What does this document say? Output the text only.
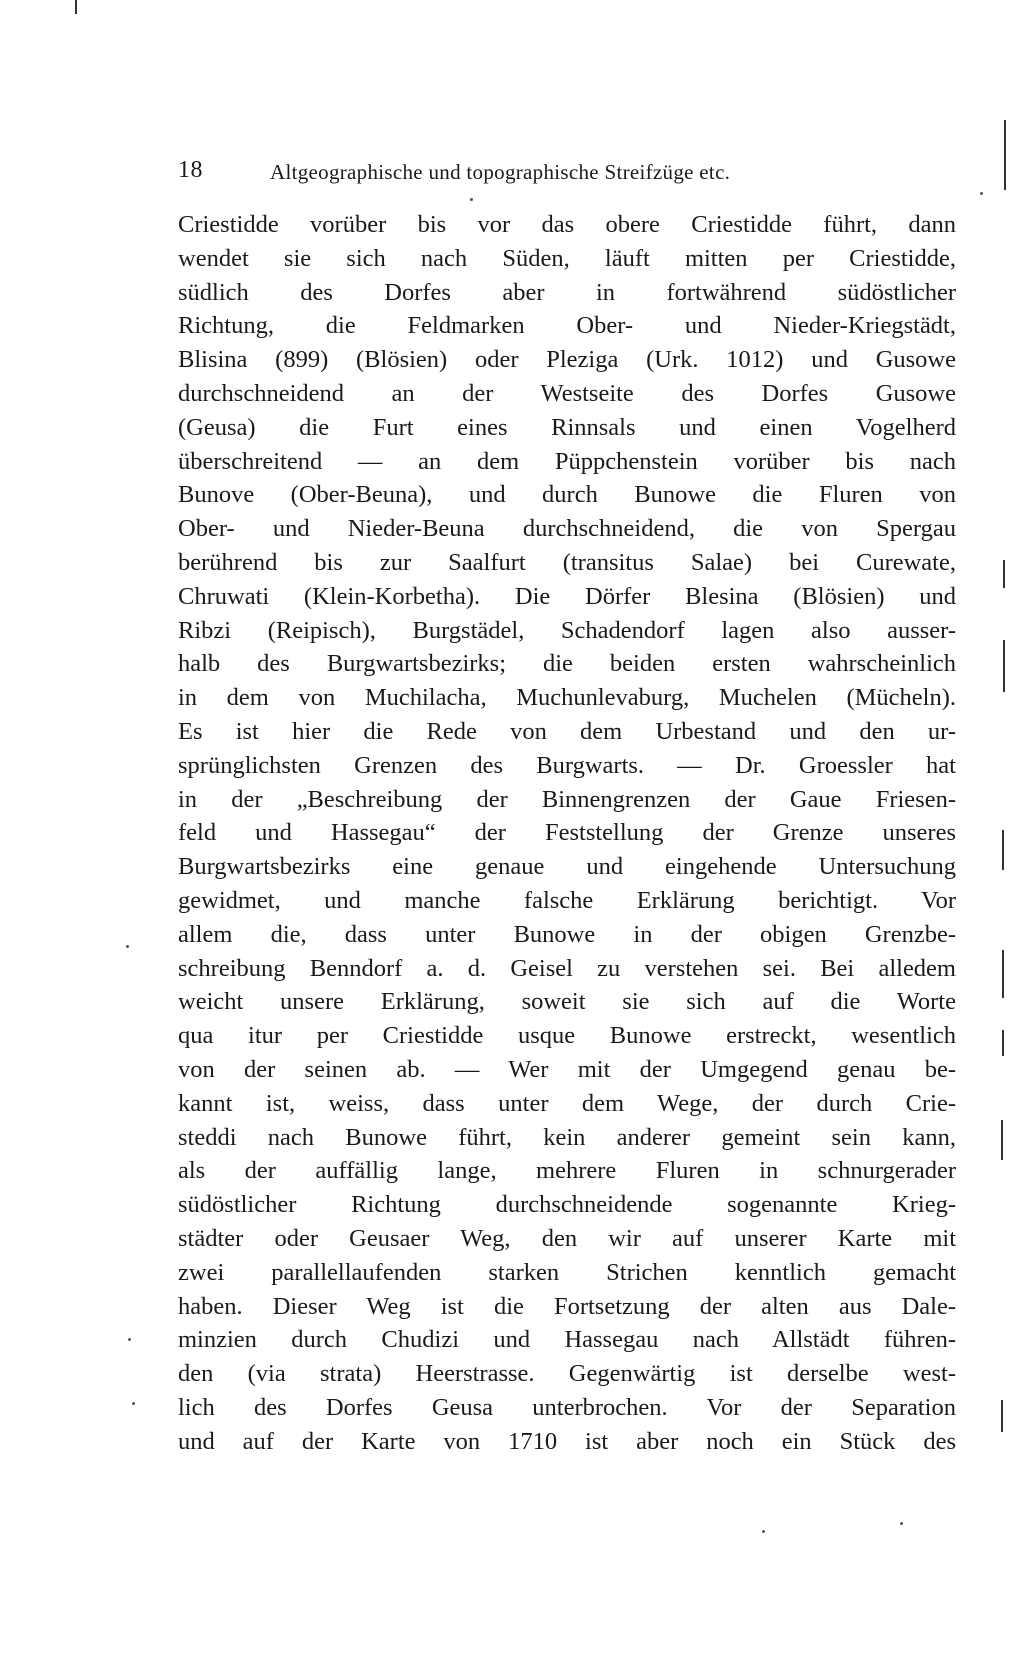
18	Altgeographische und topographische Streifzüge etc.
Criestidde vorüber bis vor das obere Criestidde führt, dann
wendet sie sich nach Süden, läuft mitten per Criestidde,
südlich des Dorfes aber in fortwährend südöstlicher
Richtung, die Feldmarken Ober- und Nieder-Kriegstädt,
Blisina (899) (Blösien) oder Pleziga (Urk. 1012) und Gusowe
durchschneidend an der Westseite des Dorfes Gusowe
(Geusa) die Furt eines Rinnsals und einen Vogelherd
überschreitend — an dem Püppchenstein vorüber bis nach
Bunove (Ober-Beuna), und durch Bunowe die Fluren von
Ober- und Nieder-Beuna durchschneidend, die von Spergau
berührend bis zur Saalfurt (transitus Salae) bei Curewate,
Chruwati (Klein-Korbetha). Die Dörfer Blesina (Blösien) und
Ribzi (Reipisch), Burgstädel, Schadendorf lagen also ausser-
halb des Burgwartsbezirks; die beiden ersten wahrscheinlich
in dem von Muchilacha, Muchunlevaburg, Muchelen (Mücheln).
Es ist hier die Rede von dem Urbestand und den ur-
sprünglichsten Grenzen des Burgwarts. — Dr. Groessler hat
in der „Beschreibung der Binnengrenzen der Gaue Friesen-
feld und Hassegau“ der Feststellung der Grenze unseres
Burgwartsbezirks eine genaue und eingehende Untersuchung
gewidmet, und manche falsche Erklärung berichtigt. Vor
allem die, dass unter Bunowe in der obigen Grenzbe-
schreibung Benndorf a. d. Geisel zu verstehen sei. Bei alledem
weicht unsere Erklärung, soweit sie sich auf die Worte
qua itur per Criestidde usque Bunowe erstreckt, wesentlich
von der seinen ab. — Wer mit der Umgegend genau be-
kannt ist, weiss, dass unter dem Wege, der durch Crie-
steddi nach Bunowe führt, kein anderer gemeint sein kann,
als der auffällig lange, mehrere Fluren in schnurgerader
südöstlicher Richtung durchschneidende sogenannte Krieg-
städter oder Geusaer Weg, den wir auf unserer Karte mit
zwei parallellaufenden starken Strichen kenntlich gemacht
haben. Dieser Weg ist die Fortsetzung der alten aus Dale-
minzien durch Chudizi und Hassegau nach Allstädt führen-
den (via strata) Heerstrasse. Gegenwärtig ist derselbe west-
lich des Dorfes Geusa unterbrochen. Vor der Separation
und auf der Karte von 1710 ist aber noch ein Stück des
